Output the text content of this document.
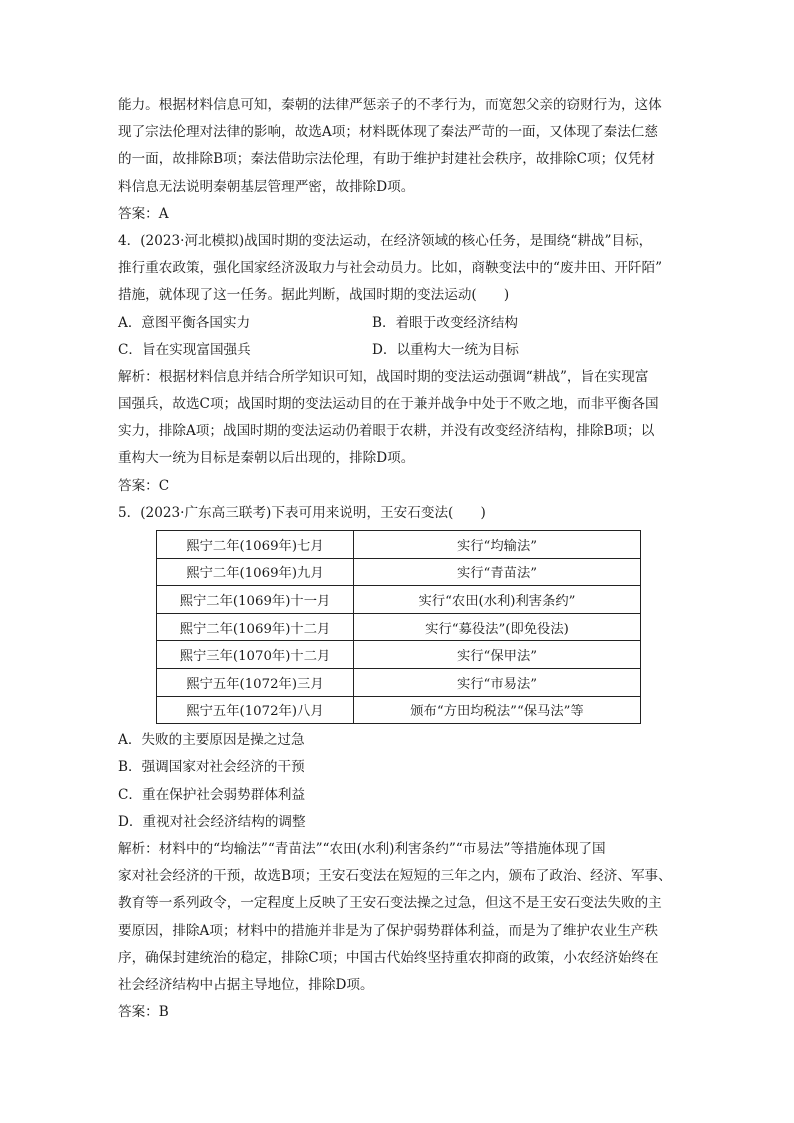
能力。根据材料信息可知，秦朝的法律严惩亲子的不孝行为，而宽恕父亲的窃财行为，这体
现了宗法伦理对法律的影响，故选A项；材料既体现了秦法严苛的一面，又体现了秦法仁慈
的一面，故排除B项；秦法借助宗法伦理，有助于维护封建社会秩序，故排除C项；仅凭材
料信息无法说明秦朝基层管理严密，故排除D项。
答案：A
4．(2023·河北模拟)战国时期的变法运动，在经济领域的核心任务，是围绕“耕战”目标，
推行重农政策，强化国家经济汲取力与社会动员力。比如，商鞅变法中的“废井田、开阡陌”
措施，就体现了这一任务。据此判断，战国时期的变法运动(　　)
A．意图平衡各国实力	B．着眼于改变经济结构
C．旨在实现富国强兵	D．以重构大一统为目标
解析：根据材料信息并结合所学知识可知，战国时期的变法运动强调“耕战”，旨在实现富
国强兵，故选C项；战国时期的变法运动目的在于兼并战争中处于不败之地，而非平衡各国
实力，排除A项；战国时期的变法运动仍着眼于农耕，并没有改变经济结构，排除B项；以
重构大一统为目标是秦朝以后出现的，排除D项。
答案：C
5．(2023·广东高三联考)下表可用来说明，王安石变法(　　)
熙宁二年(1069年)七月	实行“均输法”
熙宁二年(1069年)九月	实行“青苗法”
熙宁二年(1069年)十一月	实行“农田(水利)利害条约”
熙宁二年(1069年)十二月	实行“募役法”(即免役法)
熙宁三年(1070年)十二月	实行“保甲法”
熙宁五年(1072年)三月	实行“市易法”
熙宁五年(1072年)八月	颁布“方田均税法”“保马法”等
A．失败的主要原因是操之过急
B．强调国家对社会经济的干预
C．重在保护社会弱势群体利益
D．重视对社会经济结构的调整
解析：材料中的“均输法”“青苗法”“农田(水利)利害条约”“市易法”等措施体现了国
家对社会经济的干预，故选B项；王安石变法在短短的三年之内，颁布了政治、经济、军事、
教育等一系列政令，一定程度上反映了王安石变法操之过急，但这不是王安石变法失败的主
要原因，排除A项；材料中的措施并非是为了保护弱势群体利益，而是为了维护农业生产秩
序，确保封建统治的稳定，排除C项；中国古代始终坚持重农抑商的政策，小农经济始终在
社会经济结构中占据主导地位，排除D项。
答案：B
